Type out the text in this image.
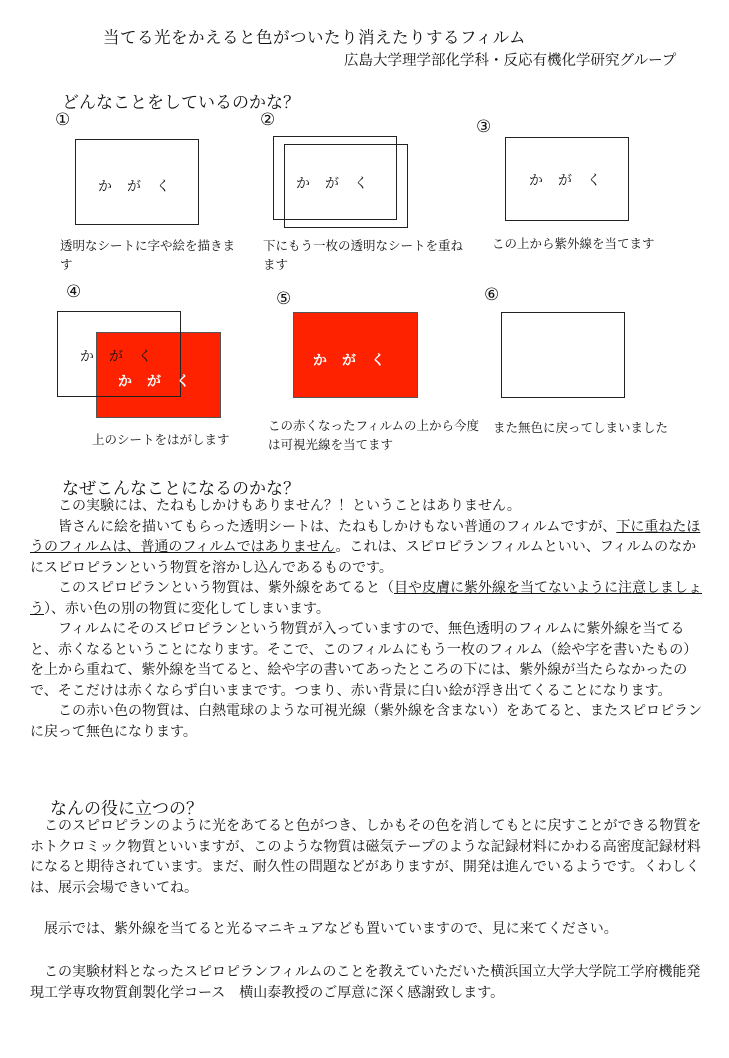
当てる光をかえると色がついたり消えたりするフィルム
広島大学理学部化学科・反応有機化学研究グループ
どんなことをしているのかな？
①
かがく
透明なシートに字や絵を描きます
②
かがく
下にもう一枚の透明なシートを重ねます
③
かがく
この上から紫外線を当てます
④
かがく
かがく
上のシートをはがします
⑤
かがく
この赤くなったフィルムの上から今度は可視光線を当てます
⑥
また無色に戻ってしまいました
なぜこんなことになるのかな？

この実験には、たねもしかけもありません？！ということはありません。

皆さんに絵を描いてもらった透明シートは、たねもしかけもない普通のフィルムですが、下に重ねたほうのフィルムは、普通のフィルムではありません。これは、スピロピランフィルムといい、フィルムのなかにスピロピランという物質を溶かし込んであるものです。

このスピロピランという物質は、紫外線をあてると（目や皮膚に紫外線を当てないように注意しましょう）、赤い色の別の物質に変化してしまいます。

フィルムにそのスピロピランという物質が入っていますので、無色透明のフィルムに紫外線を当てると、赤くなるということになります。そこで、このフィルムにもう一枚のフィルム（絵や字を書いたもの）を上から重ねて、紫外線を当てると、絵や字の書いてあったところの下には、紫外線が当たらなかったので、そこだけは赤くならず白いままです。つまり、赤い背景に白い絵が浮き出てくることになります。

この赤い色の物質は、白熱電球のような可視光線（紫外線を含まない）をあてると、またスピロピランに戻って無色になります。

なんの役に立つの？

このスピロピランのように光をあてると色がつき、しかもその色を消してもとに戻すことができる物質をホトクロミック物質といいますが、このような物質は磁気テープのような記録材料にかわる高密度記録材料になると期待されています。まだ、耐久性の問題などがありますが、開発は進んでいるようです。くわしくは、展示会場できいてね。

展示では、紫外線を当てると光るマニキュアなども置いていますので、見に来てください。

この実験材料となったスピロピランフィルムのことを教えていただいた横浜国立大学大学院工学府機能発現工学専攻物質創製化学コース　横山泰教授のご厚意に深く感謝致します。
